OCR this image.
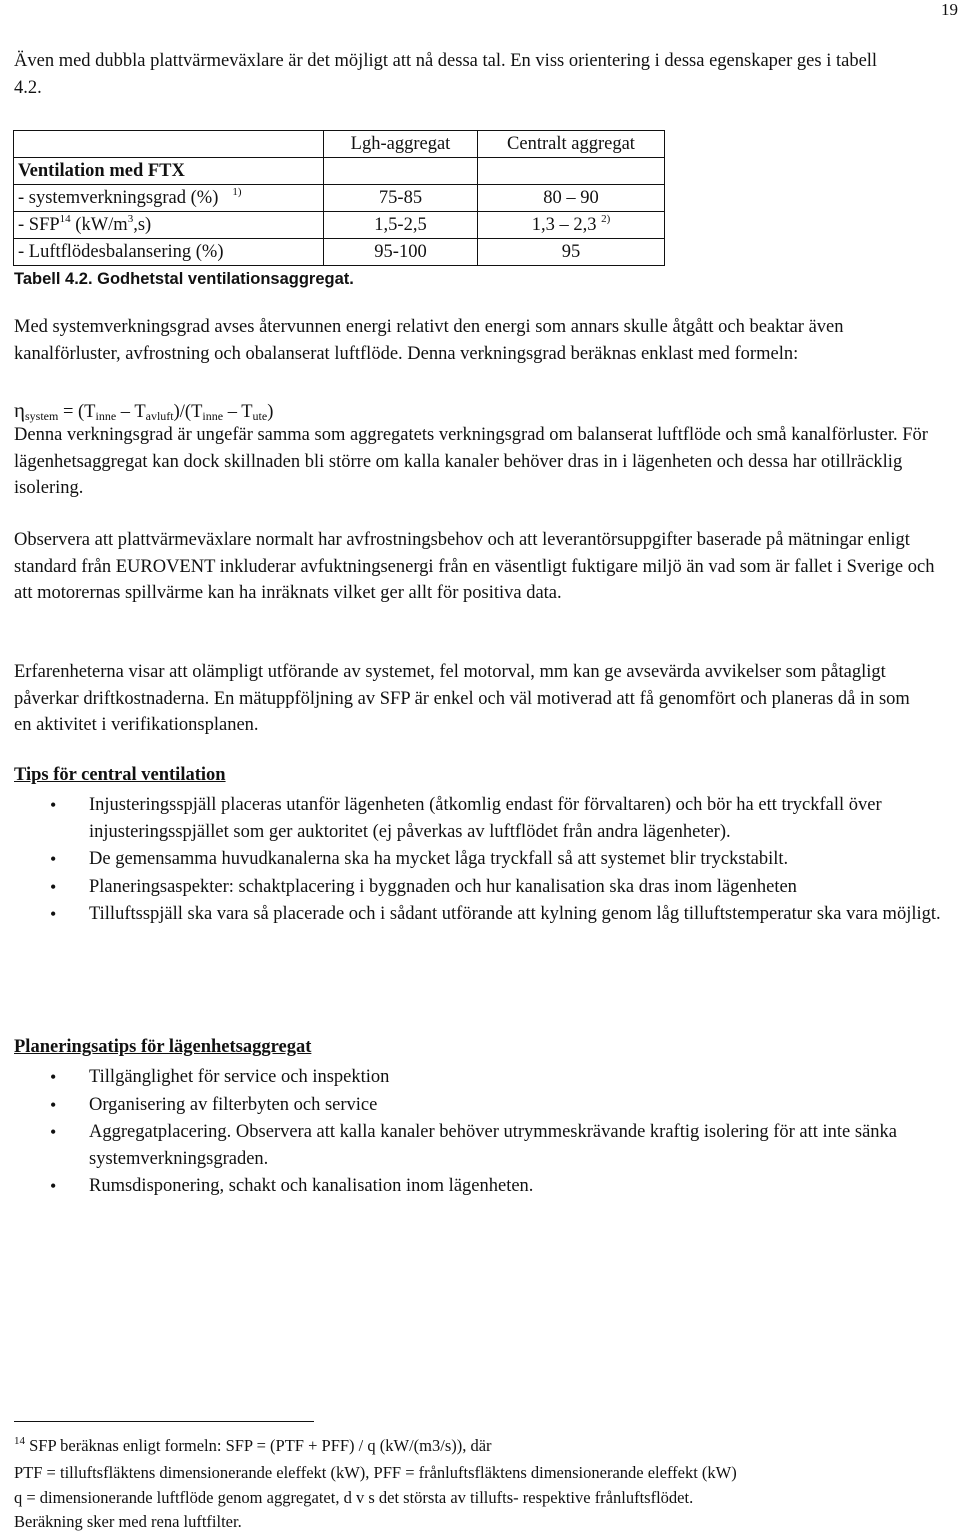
19

Även med dubbla plattvärmeväxlare är det möjligt att nå dessa tal. En viss orientering i dessa egenskaper ges i tabell 4.2.

	Lgh-aggregat	Centralt aggregat
Ventilation med FTX		
- systemverkningsgrad (%) $^{1)}$	75-85	80 – 90
- SFP$^{14}$ $(kW/m^3,s)$	1,5-2,5	1,3 – 2,3 $^{2)}$
- Luftflödesbalansering (%)	95-100	95
Tabell 4.2. Godhetstal ventilationsaggregat.

Med systemverkningsgrad avses återvunnen energi relativt den energi som annars skulle åtgått och beaktar även kanalförluster, avfrostning och obalanserat luftflöde. Denna verkningsgrad beräknas enklast med formeln:

$\eta_{system} = (T_{inne} - T_{avluft})/(T_{inne} - T_{ute})$

Denna verkningsgrad är ungefär samma som aggregatets verkningsgrad om balanserat luftflöde och små kanalförluster. För lägenhetsaggregat kan dock skillnaden bli större om kalla kanaler behöver dras in i lägenheten och dessa har otillräcklig isolering.

Observera att plattvärmeväxlare normalt har avfrostningsbehov och att leverantörsuppgifter baserade på mätningar enligt standard från EUROVENT inkluderar avfuktningsenergi från en väsentligt fuktigare miljö än vad som är fallet i Sverige och att motorernas spillvärme kan ha inräknats vilket ger allt för positiva data.

Erfarenheterna visar att olämpligt utförande av systemet, fel motorval, mm kan ge avsevärda avvikelser som påtagligt påverkar driftkostnaderna. En mätuppföljning av SFP är enkel och väl motiverad att få genomfört och planeras då in som en aktivitet i verifikationsplanen.

Tips för central ventilation
• Injusteringsspjäll placeras utanför lägenheten (åtkomlig endast för förvaltaren) och bör ha ett tryckfall över injusteringsspjället som ger auktoritet (ej påverkas av luftflödet från andra lägenheter).
• De gemensamma huvudkanalerna ska ha mycket låga tryckfall så att systemet blir tryckstabilt.
• Planeringsaspekter: schaktplacering i byggnaden och hur kanalisation ska dras inom lägenheten
• Tilluftsspjäll ska vara så placerade och i sådant utförande att kylning genom låg tilluftstemperatur ska vara möjligt.
Planeringsatips för lägenhetsaggregat
• Tillgänglighet för service och inspektion
• Organisering av filterbyten och service
• Aggregatplacering. Observera att kalla kanaler behöver utrymmeskrävande kraftig isolering för att inte sänka systemverkningsgraden.
• Rumsdisponering, schakt och kanalisation inom lägenheten.

$^{14}$ SFP beräknas enligt formeln: SFP = (PTF + PFF) / q (kW/(m3/s)), där

PTF = tilluftsfläktens dimensionerande eleffekt (kW), PFF = frånluftsfläktens dimensionerande eleffekt (kW)

q = dimensionerande luftflöde genom aggregatet, d v s det största av tillufts- respektive frånluftsflödet.

Beräkning sker med rena luftfilter.
